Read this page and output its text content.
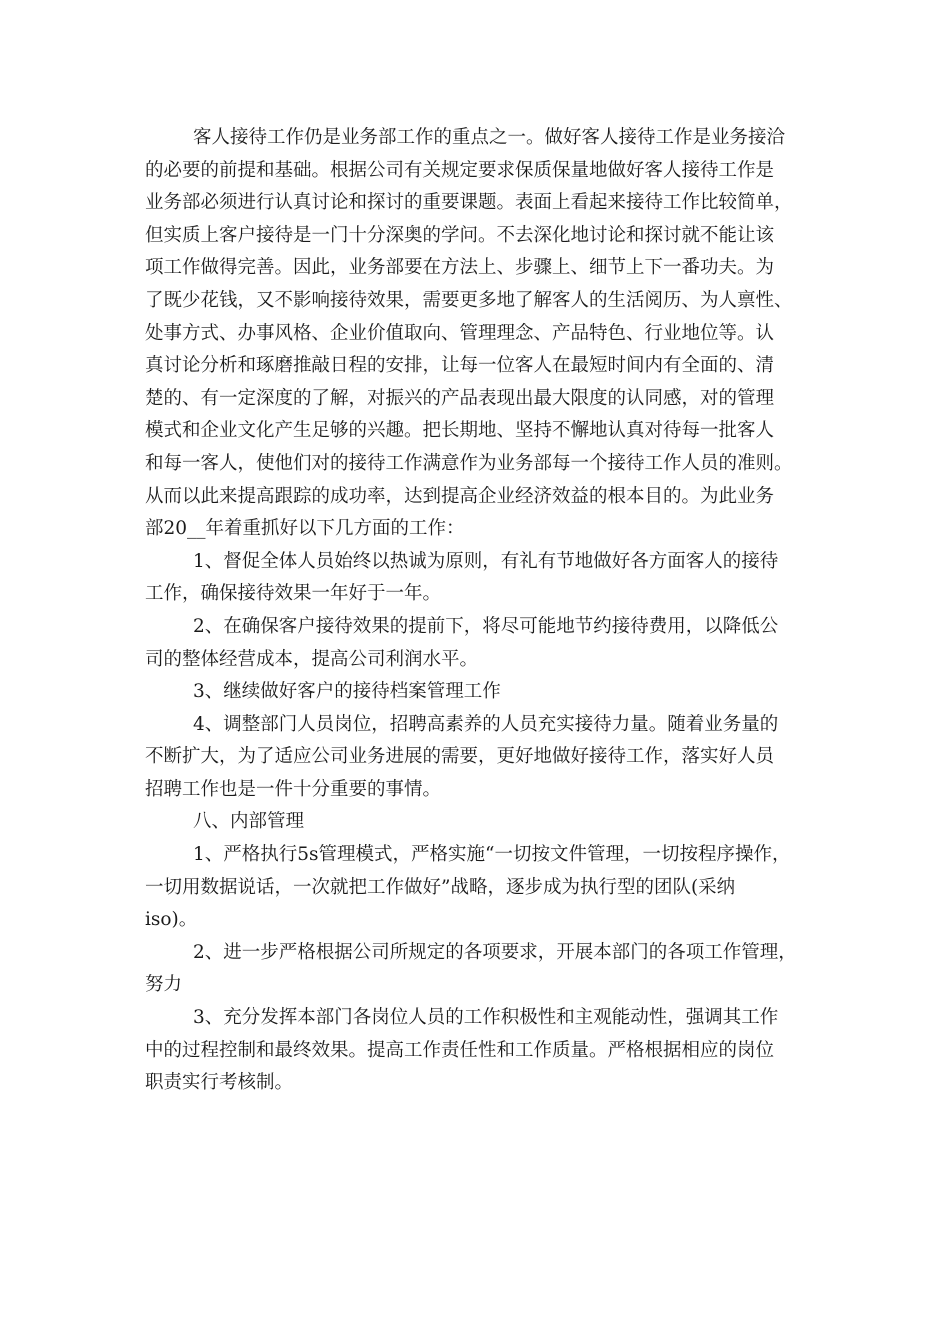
客人接待工作仍是业务部工作的重点之一。做好客人接待工作是业务接洽
的必要的前提和基础。根据公司有关规定要求保质保量地做好客人接待工作是
业务部必须进行认真讨论和探讨的重要课题。表面上看起来接待工作比较简单，
但实质上客户接待是一门十分深奥的学问。不去深化地讨论和探讨就不能让该
项工作做得完善。因此，业务部要在方法上、步骤上、细节上下一番功夫。为
了既少花钱，又不影响接待效果，需要更多地了解客人的生活阅历、为人禀性、
处事方式、办事风格、企业价值取向、管理理念、产品特色、行业地位等。认
真讨论分析和琢磨推敲日程的安排，让每一位客人在最短时间内有全面的、清
楚的、有一定深度的了解，对振兴的产品表现出最大限度的认同感，对的管理
模式和企业文化产生足够的兴趣。把长期地、坚持不懈地认真对待每一批客人
和每一客人，使他们对的接待工作满意作为业务部每一个接待工作人员的准则。
从而以此来提高跟踪的成功率，达到提高企业经济效益的根本目的。为此业务
部20__年着重抓好以下几方面的工作：
1、督促全体人员始终以热诚为原则，有礼有节地做好各方面客人的接待
工作，确保接待效果一年好于一年。
2、在确保客户接待效果的提前下，将尽可能地节约接待费用，以降低公
司的整体经营成本，提高公司利润水平。
3、继续做好客户的接待档案管理工作
4、调整部门人员岗位，招聘高素养的人员充实接待力量。随着业务量的
不断扩大，为了适应公司业务进展的需要，更好地做好接待工作，落实好人员
招聘工作也是一件十分重要的事情。
八、内部管理
1、严格执行5s管理模式，严格实施“一切按文件管理，一切按程序操作，
一切用数据说话，一次就把工作做好”战略，逐步成为执行型的团队(采纳
iso)。
2、进一步严格根据公司所规定的各项要求，开展本部门的各项工作管理，
努力
3、充分发挥本部门各岗位人员的工作积极性和主观能动性，强调其工作
中的过程控制和最终效果。提高工作责任性和工作质量。严格根据相应的岗位
职责实行考核制。
